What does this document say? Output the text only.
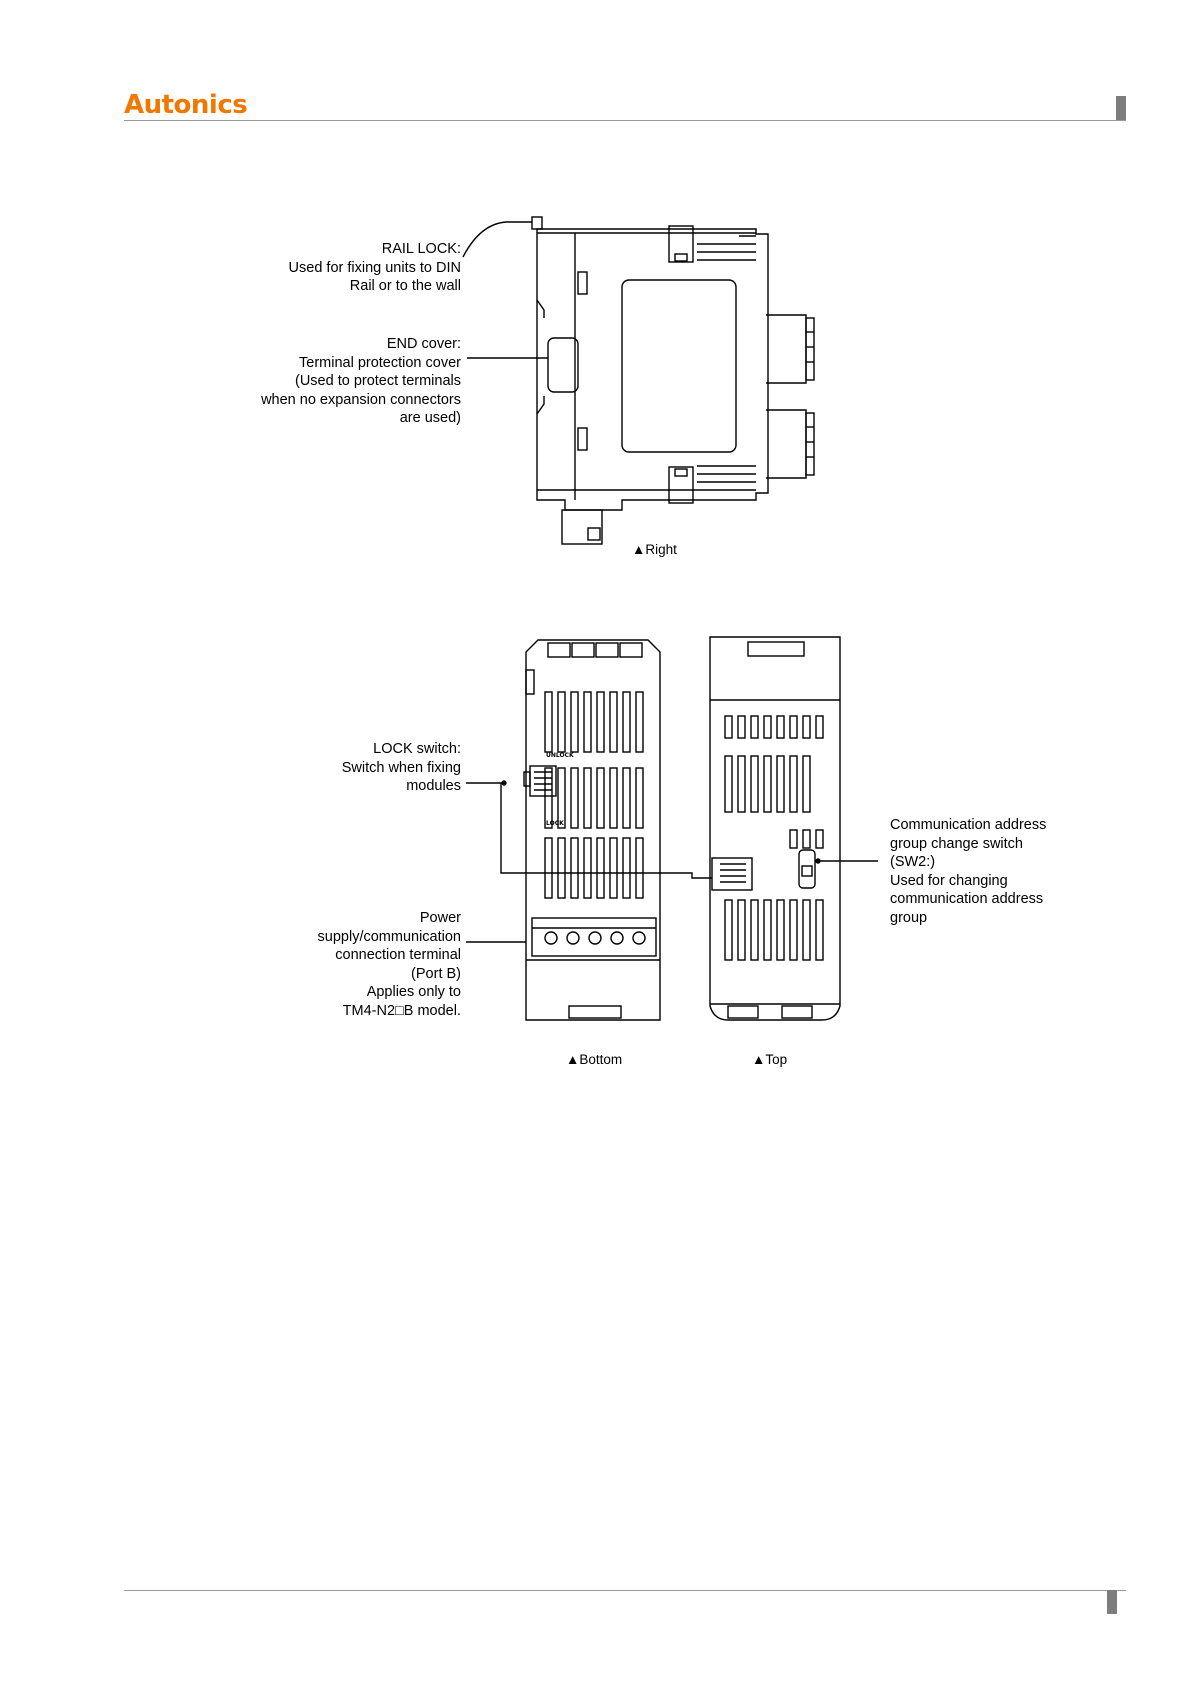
Autonics
UNLOCK
LOCK
RAIL LOCK:
Used for fixing units to DIN
Rail or to the wall
END cover:
Terminal protection cover
(Used to protect terminals
when no expansion connectors
are used)
▲Right
LOCK switch:
Switch when fixing
modules
Power
supply/communication
connection terminal
(Port B)
Applies only to
TM4-N2□B model.
Communication address
group change switch
(SW2:)
Used for changing
communication address
group
▲Bottom	▲Top
